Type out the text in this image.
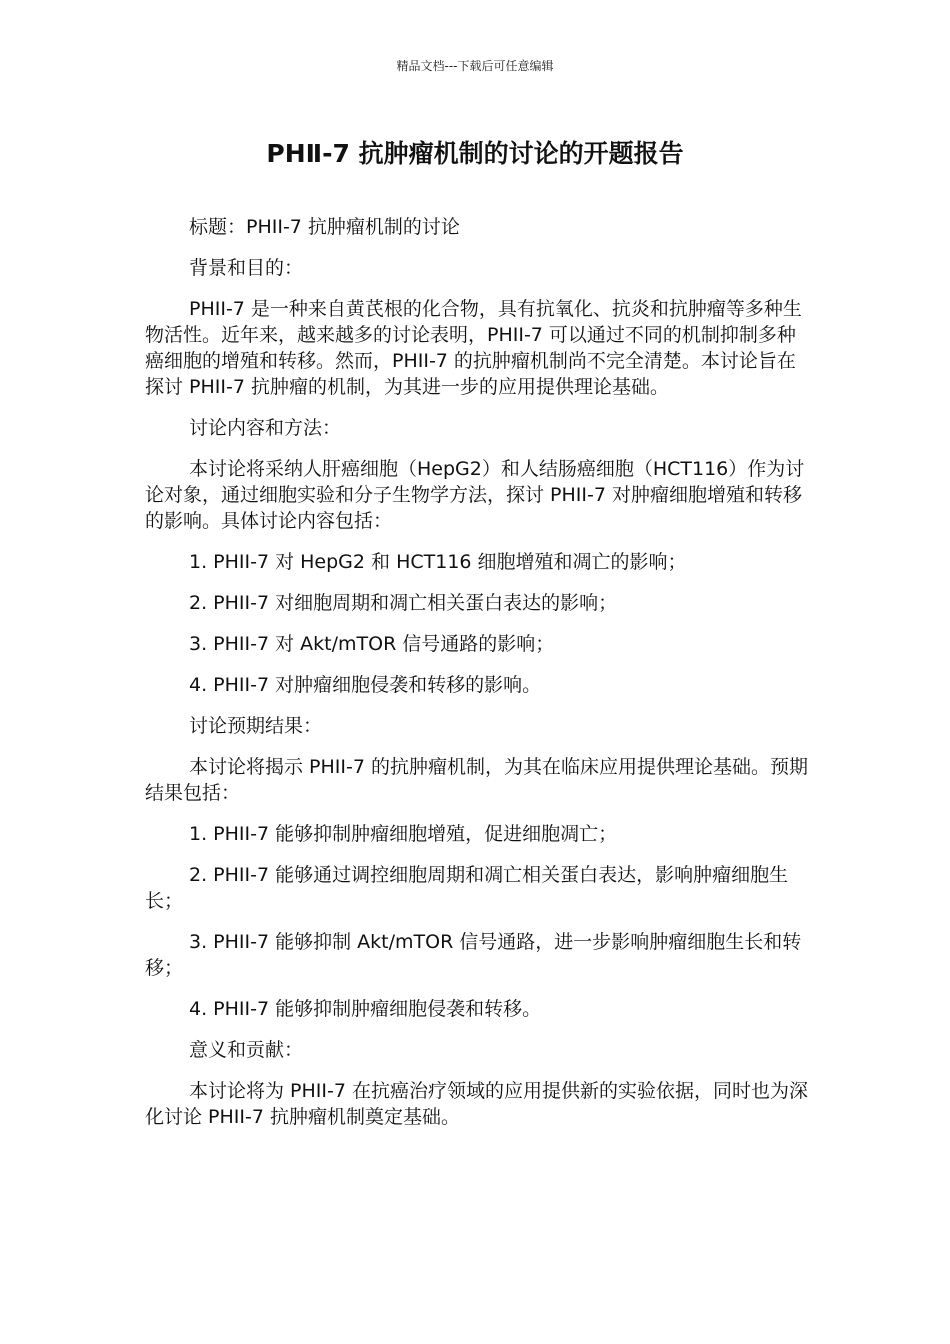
精品文档---下载后可任意编辑
PHⅡ-7 抗肿瘤机制的讨论的开题报告

标题：PHII-7 抗肿瘤机制的讨论

背景和目的：

PHII-7 是一种来自黄芪根的化合物，具有抗氧化、抗炎和抗肿瘤等多种生物活性。近年来，越来越多的讨论表明，PHII-7 可以通过不同的机制抑制多种癌细胞的增殖和转移。然而，PHII-7 的抗肿瘤机制尚不完全清楚。本讨论旨在探讨 PHII-7 抗肿瘤的机制，为其进一步的应用提供理论基础。

讨论内容和方法：

本讨论将采纳人肝癌细胞（HepG2）和人结肠癌细胞（HCT116）作为讨论对象，通过细胞实验和分子生物学方法，探讨 PHII-7 对肿瘤细胞增殖和转移的影响。具体讨论内容包括：

1. PHII-7 对 HepG2 和 HCT116 细胞增殖和凋亡的影响；

2. PHII-7 对细胞周期和凋亡相关蛋白表达的影响；

3. PHII-7 对 Akt/mTOR 信号通路的影响；

4. PHII-7 对肿瘤细胞侵袭和转移的影响。

讨论预期结果：

本讨论将揭示 PHII-7 的抗肿瘤机制，为其在临床应用提供理论基础。预期结果包括：

1. PHII-7 能够抑制肿瘤细胞增殖，促进细胞凋亡；

2. PHII-7 能够通过调控细胞周期和凋亡相关蛋白表达，影响肿瘤细胞生长；

3. PHII-7 能够抑制 Akt/mTOR 信号通路，进一步影响肿瘤细胞生长和转移；

4. PHII-7 能够抑制肿瘤细胞侵袭和转移。

意义和贡献：

本讨论将为 PHII-7 在抗癌治疗领域的应用提供新的实验依据，同时也为深化讨论 PHII-7 抗肿瘤机制奠定基础。
